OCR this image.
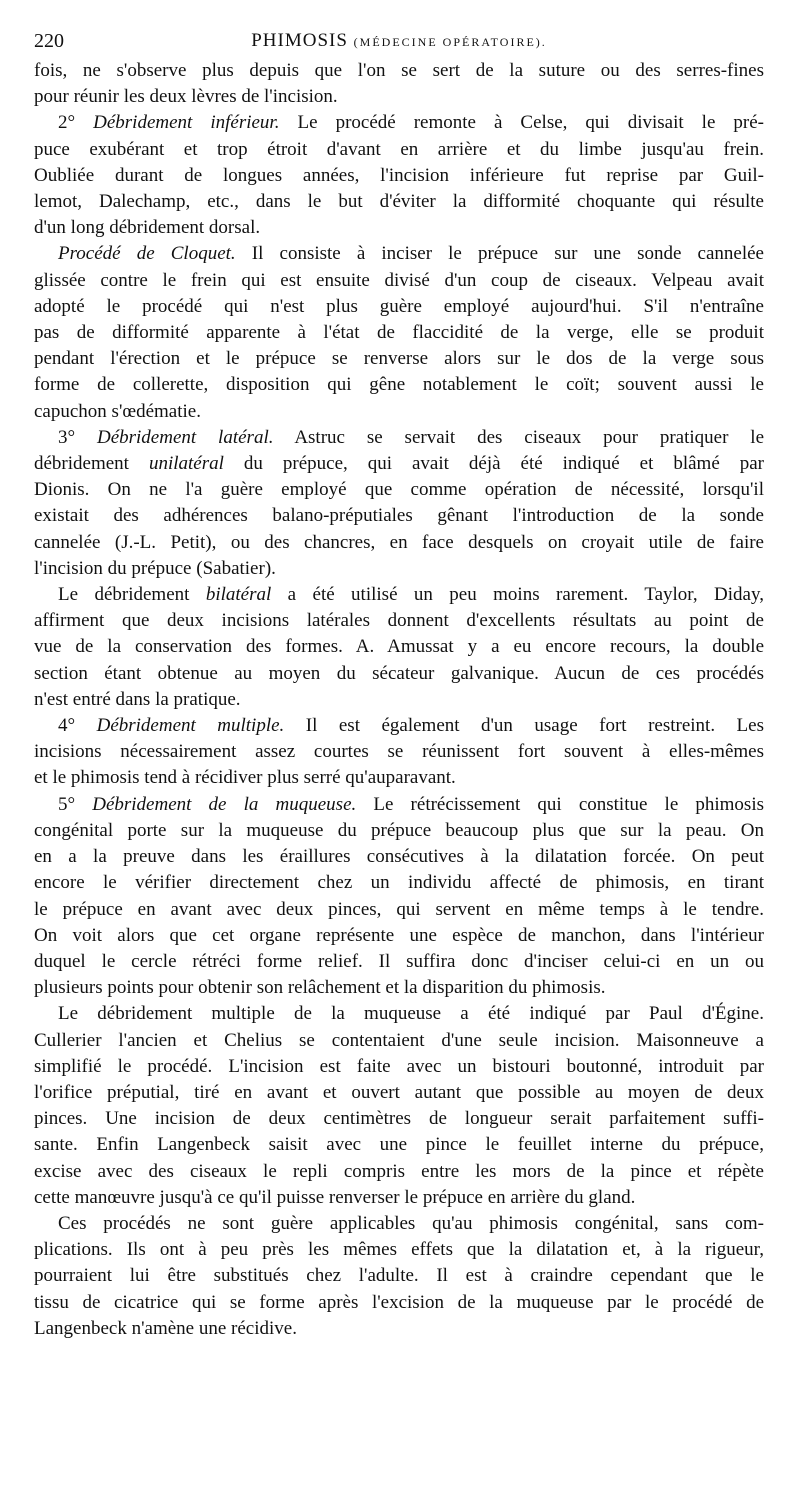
220	PHIMOSIS (MÉDECINE OPÉRATOIRE).
fois, ne s'observe plus depuis que l'on se sert de la suture ou des serres-fines
pour réunir les deux lèvres de l'incision.
2° Débridement inférieur. Le procédé remonte à Celse, qui divisait le pré-
puce exubérant et trop étroit d'avant en arrière et du limbe jusqu'au frein.
Oubliée durant de longues années, l'incision inférieure fut reprise par Guil-
lemot, Dalechamp, etc., dans le but d'éviter la difformité choquante qui résulte
d'un long débridement dorsal.
Procédé de Cloquet. Il consiste à inciser le prépuce sur une sonde cannelée
glissée contre le frein qui est ensuite divisé d'un coup de ciseaux. Velpeau avait
adopté le procédé qui n'est plus guère employé aujourd'hui. S'il n'entraîne
pas de difformité apparente à l'état de flaccidité de la verge, elle se produit
pendant l'érection et le prépuce se renverse alors sur le dos de la verge sous
forme de collerette, disposition qui gêne notablement le coït; souvent aussi le
capuchon s'œdématie.
3° Débridement latéral. Astruc se servait des ciseaux pour pratiquer le
débridement unilatéral du prépuce, qui avait déjà été indiqué et blâmé par
Dionis. On ne l'a guère employé que comme opération de nécessité, lorsqu'il
existait des adhérences balano-préputiales gênant l'introduction de la sonde
cannelée (J.-L. Petit), ou des chancres, en face desquels on croyait utile de faire
l'incision du prépuce (Sabatier).
Le débridement bilatéral a été utilisé un peu moins rarement. Taylor, Diday,
affirment que deux incisions latérales donnent d'excellents résultats au point de
vue de la conservation des formes. A. Amussat y a eu encore recours, la double
section étant obtenue au moyen du sécateur galvanique. Aucun de ces procédés
n'est entré dans la pratique.
4° Débridement multiple. Il est également d'un usage fort restreint. Les
incisions nécessairement assez courtes se réunissent fort souvent à elles-mêmes
et le phimosis tend à récidiver plus serré qu'auparavant.
5° Débridement de la muqueuse. Le rétrécissement qui constitue le phimosis
congénital porte sur la muqueuse du prépuce beaucoup plus que sur la peau. On
en a la preuve dans les éraillures consécutives à la dilatation forcée. On peut
encore le vérifier directement chez un individu affecté de phimosis, en tirant
le prépuce en avant avec deux pinces, qui servent en même temps à le tendre.
On voit alors que cet organe représente une espèce de manchon, dans l'intérieur
duquel le cercle rétréci forme relief. Il suffira donc d'inciser celui-ci en un ou
plusieurs points pour obtenir son relâchement et la disparition du phimosis.
Le débridement multiple de la muqueuse a été indiqué par Paul d'Égine.
Cullerier l'ancien et Chelius se contentaient d'une seule incision. Maisonneuve a
simplifié le procédé. L'incision est faite avec un bistouri boutonné, introduit par
l'orifice préputial, tiré en avant et ouvert autant que possible au moyen de deux
pinces. Une incision de deux centimètres de longueur serait parfaitement suffi-
sante. Enfin Langenbeck saisit avec une pince le feuillet interne du prépuce,
excise avec des ciseaux le repli compris entre les mors de la pince et répète
cette manœuvre jusqu'à ce qu'il puisse renverser le prépuce en arrière du gland.
Ces procédés ne sont guère applicables qu'au phimosis congénital, sans com-
plications. Ils ont à peu près les mêmes effets que la dilatation et, à la rigueur,
pourraient lui être substitués chez l'adulte. Il est à craindre cependant que le
tissu de cicatrice qui se forme après l'excision de la muqueuse par le procédé de
Langenbeck n'amène une récidive.
